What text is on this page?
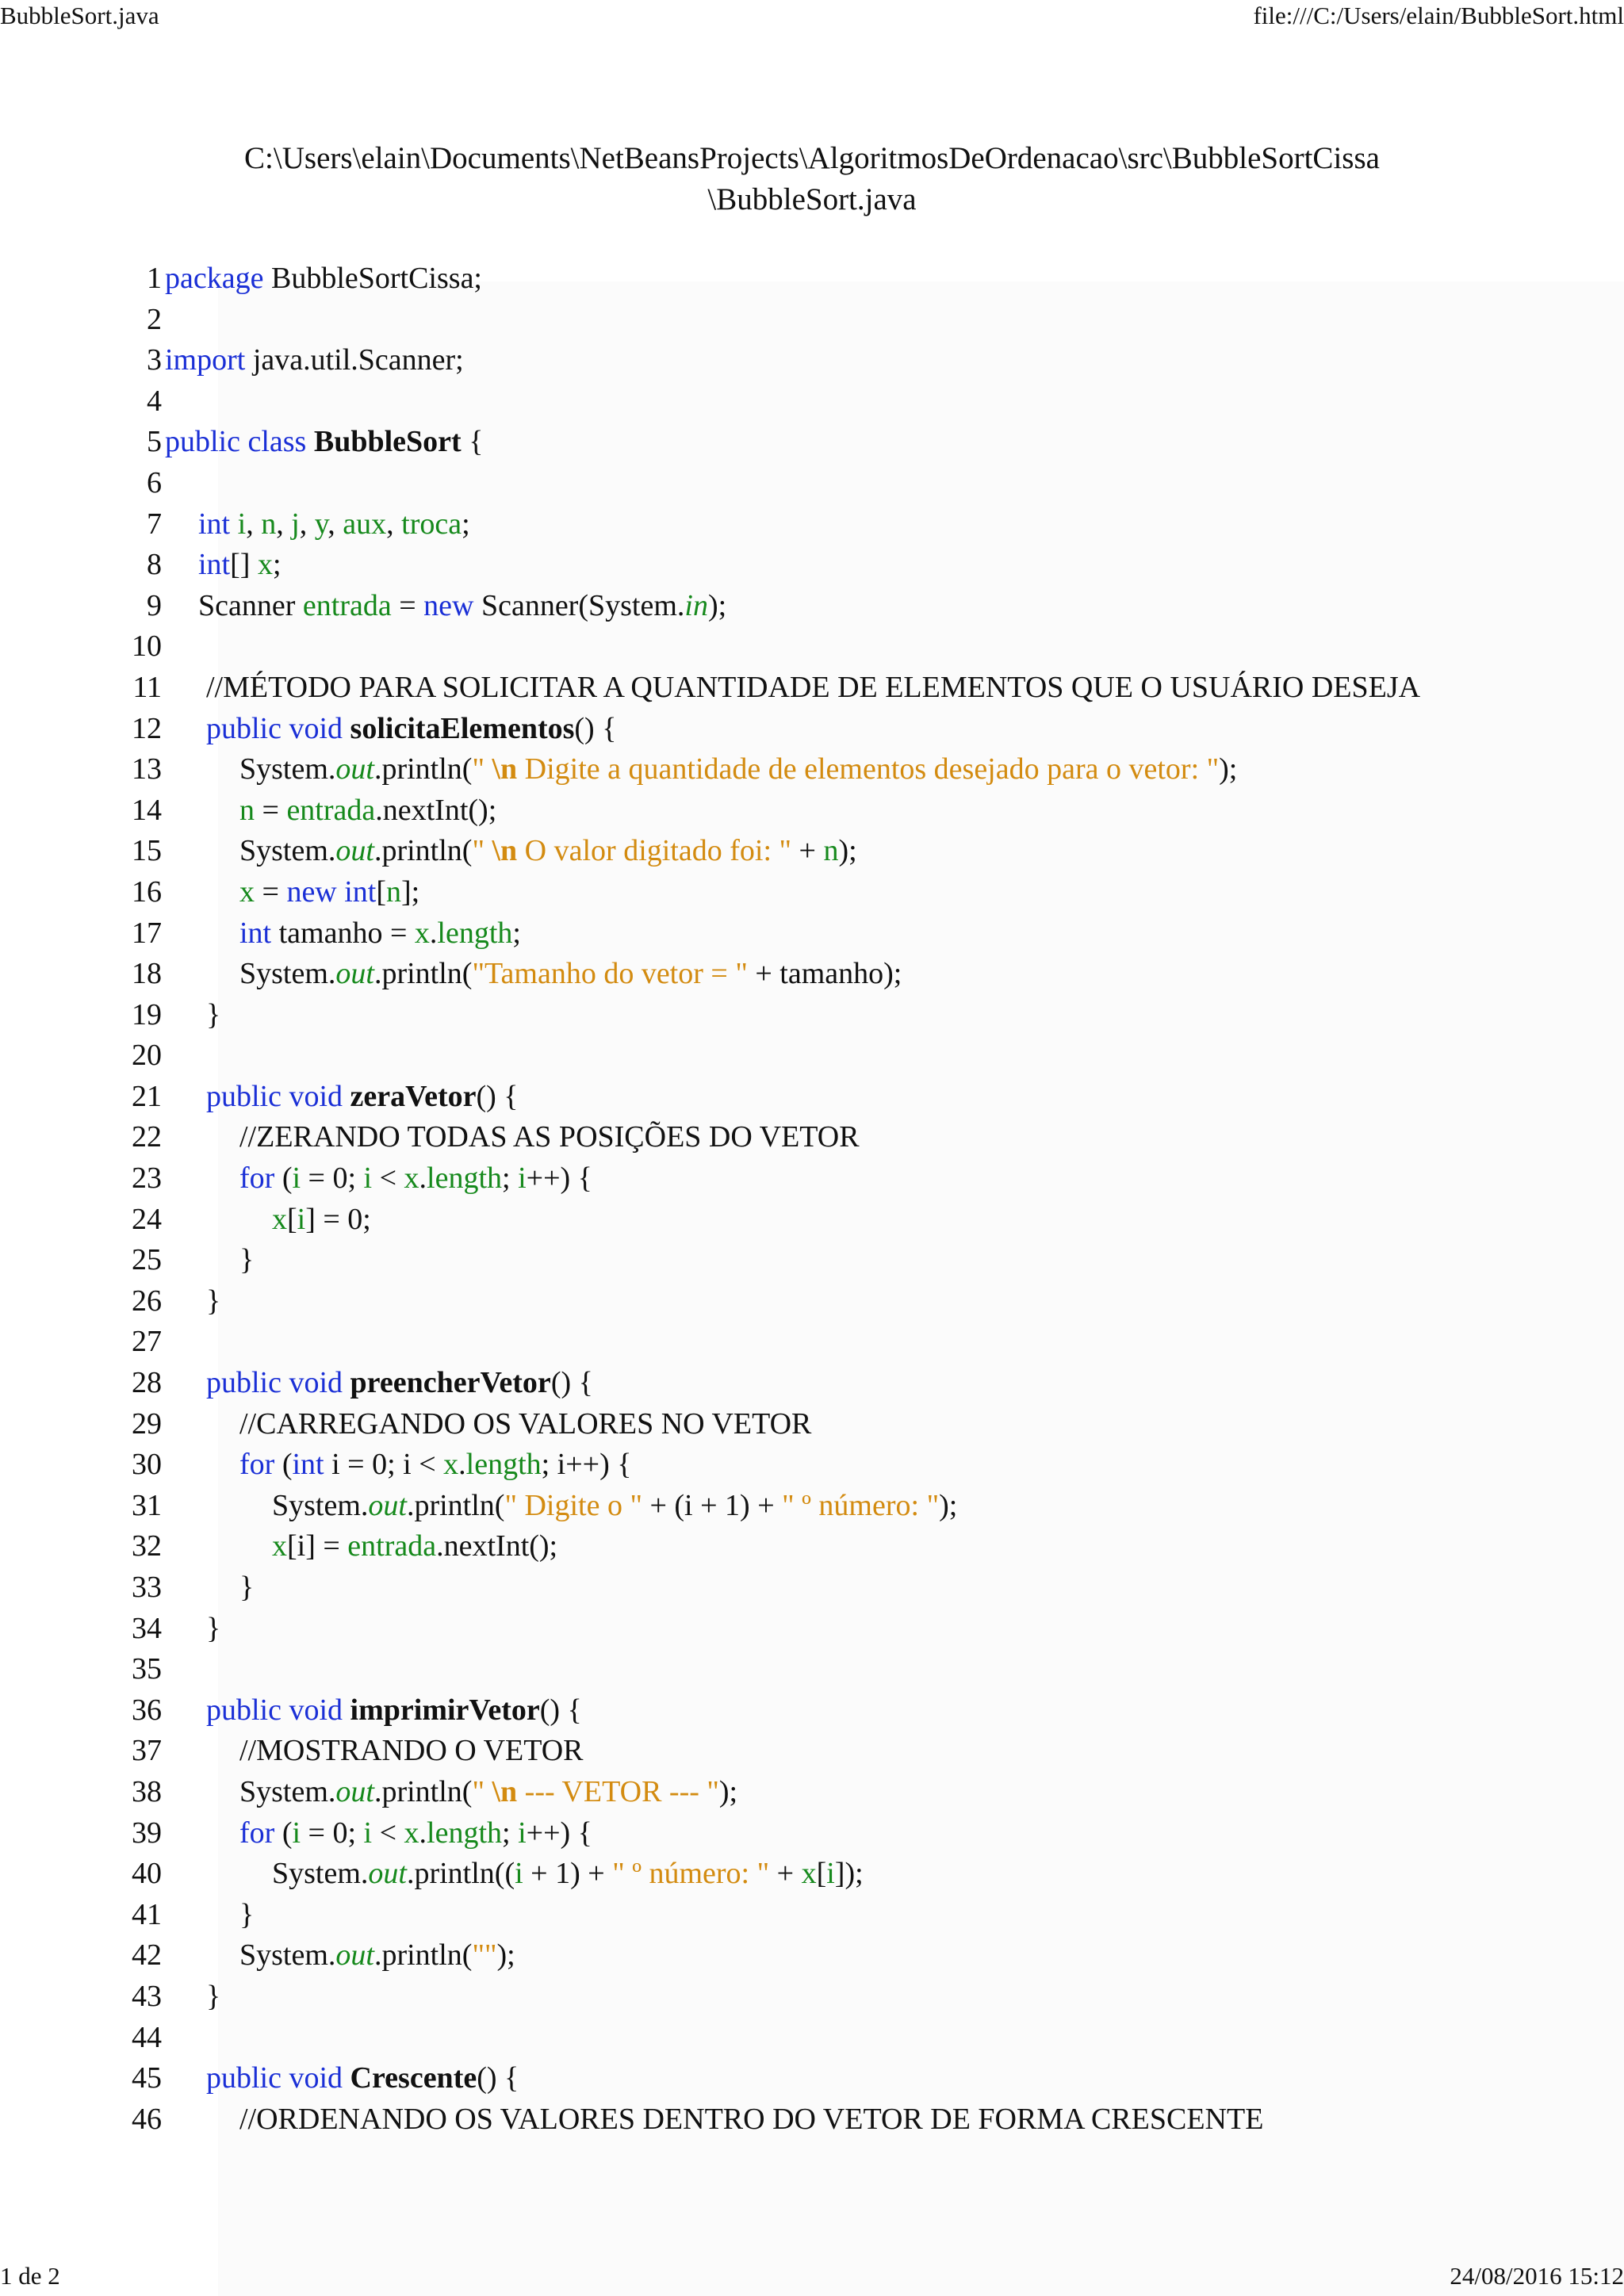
BubbleSort.java	file:///C:/Users/elain/BubbleSort.html
C:\Users\elain\Documents\NetBeansProjects\AlgoritmosDeOrdenacao\src\BubbleSortCissa
\BubbleSort.java
1 package BubbleSortCissa;
2
3 import java.util.Scanner;
4
5 public class BubbleSort {
6
7 int i, n, j, y, aux, troca;
8 int[] x;
9 Scanner entrada = new Scanner(System.in);
10
11 //MÉTODO PARA SOLICITAR A QUANTIDADE DE ELEMENTOS QUE O USUÁRIO DESEJA
12 public void solicitaElementos() {
13	System.out.println(" \n Digite a quantidade de elementos desejado para o vetor: ");
14	n = entrada.nextInt();
15	System.out.println(" \n O valor digitado foi: " + n);
16	x = new int[n];
17	int tamanho = x.length;
18	System.out.println("Tamanho do vetor = " + tamanho);
19 }
20
21 public void zeraVetor() {
22	//ZERANDO TODAS AS POSIÇÕES DO VETOR
23	for (i = 0; i < x.length; i++) {
24	x[i] = 0;
25	}
26 }
27
28 public void preencherVetor() {
29	//CARREGANDO OS VALORES NO VETOR
30	for (int i = 0; i < x.length; i++) {
31	System.out.println(" Digite o " + (i + 1) + " º número: ");
32	x[i] = entrada.nextInt();
33	}
34 }
35
36 public void imprimirVetor() {
37	//MOSTRANDO O VETOR
38	System.out.println(" \n --- VETOR --- ");
39	for (i = 0; i < x.length; i++) {
40	System.out.println((i + 1) + " º número: " + x[i]);
41	}
42	System.out.println("");
43 }
44
45 public void Crescente() {
46	//ORDENANDO OS VALORES DENTRO DO VETOR DE FORMA CRESCENTE
1 de 2	24/08/2016 15:12
